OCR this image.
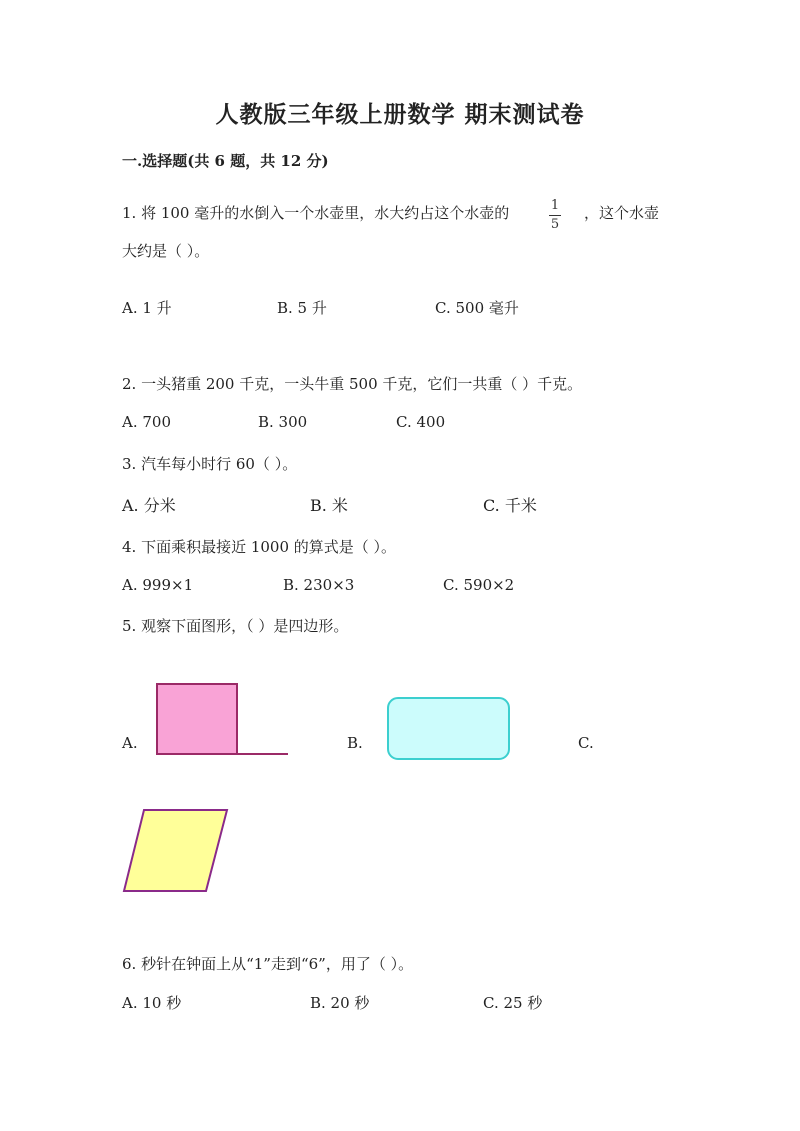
人教版三年级上册数学 期末测试卷
一.选择题(共 6 题，共 12 分)
1. 将 100 毫升的水倒入一个水壶里，水大约占这个水壶的	1
5
，这个水壶
大约是（ ）。
A. 1 升	B. 5 升	C. 500 毫升
2. 一头猪重 200 千克，一头牛重 500 千克，它们一共重（ ）千克。
A. 700	B. 300	C. 400
3. 汽车每小时行 60（ ）。
A. 分米	B. 米	C. 千米
4. 下面乘积最接近 1000 的算式是（ ）。
A. 999×1	B. 230×3	C. 590×2
5. 观察下面图形，（ ）是四边形。
A.	B.	C.
6. 秒针在钟面上从“1”走到“6”，用了（ ）。
A. 10 秒	B. 20 秒	C. 25 秒
